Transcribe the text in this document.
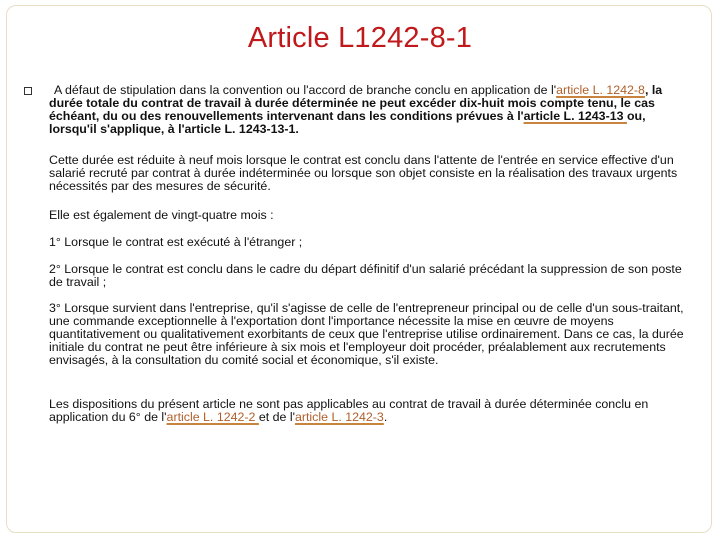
Article L1242-8-1

A défaut de stipulation dans la convention ou l'accord de branche conclu en application de l'article L. 1242-8, la durée totale du contrat de travail à durée déterminée ne peut excéder dix-huit mois compte tenu, le cas échéant, du ou des renouvellements intervenant dans les conditions prévues à l'article L. 1243-13 ou, lorsqu'il s'applique, à l'article L. 1243-13-1.

Cette durée est réduite à neuf mois lorsque le contrat est conclu dans l'attente de l'entrée en service effective d'un salarié recruté par contrat à durée indéterminée ou lorsque son objet consiste en la réalisation des travaux urgents nécessités par des mesures de sécurité.

Elle est également de vingt-quatre mois :

1° Lorsque le contrat est exécuté à l'étranger ;

2° Lorsque le contrat est conclu dans le cadre du départ définitif d'un salarié précédant la suppression de son poste de travail ;

3° Lorsque survient dans l'entreprise, qu'il s'agisse de celle de l'entrepreneur principal ou de celle d'un sous-traitant, une commande exceptionnelle à l'exportation dont l'importance nécessite la mise en œuvre de moyens quantitativement ou qualitativement exorbitants de ceux que l'entreprise utilise ordinairement. Dans ce cas, la durée initiale du contrat ne peut être inférieure à six mois et l'employeur doit procéder, préalablement aux recrutements envisagés, à la consultation du comité social et économique, s'il existe.

Les dispositions du présent article ne sont pas applicables au contrat de travail à durée déterminée conclu en application du 6° de l'article L. 1242-2 et de l'article L. 1242-3.
